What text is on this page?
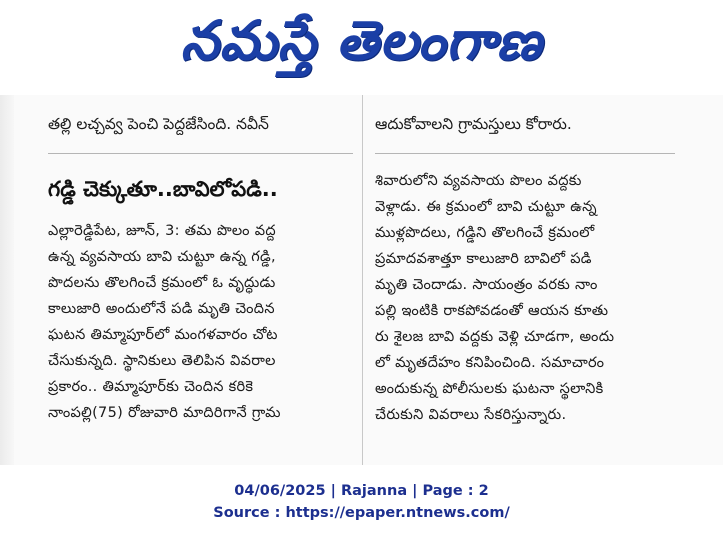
నమస్తే తెలంగాణ
తల్లి లచ్చవ్వ పెంచి పెద్దజేసింది. నవీన్
గడ్డి చెక్కుతూ..బావిలోపడి..
ఎల్లారెడ్డిపేట, జూన్, 3: తమ పొలం వద్ద
ఉన్న వ్యవసాయ బావి చుట్టూ ఉన్న గడ్డి,
పొదలను తొలగించే క్రమంలో ఓ వృద్ధుడు
కాలుజారి అందులోనే పడి మృతి చెందిన
ఘటన తిమ్మాపూర్‌లో మంగళవారం చోట
చేసుకున్నది. స్థానికులు తెలిపిన వివరాల
ప్రకారం.. తిమ్మాపూర్‌కు చెందిన కరికె
నాంపల్లి(75) రోజువారి మాదిరిగానే గ్రామ
ఆదుకోవాలని గ్రామస్తులు కోరారు.
శివారులోని వ్యవసాయ పొలం వద్దకు
వెళ్లాడు. ఈ క్రమంలో బావి చుట్టూ ఉన్న
ముళ్లపొదలు, గడ్డిని తొలగించే క్రమంలో
ప్రమాదవశాత్తూ కాలుజారి బావిలో పడి
మృతి చెందాడు. సాయంత్రం వరకు నాం
పల్లి ఇంటికి రాకపోవడంతో ఆయన కూతు
రు శైలజ బావి వద్దకు వెళ్లి చూడగా, అందు
లో మృతదేహం కనిపించింది. సమాచారం
అందుకున్న పోలీసులకు ఘటనా స్థలానికి
చేరుకుని వివరాలు సేకరిస్తున్నారు.
04/06/2025 | Rajanna | Page : 2
Source : https://epaper.ntnews.com/
